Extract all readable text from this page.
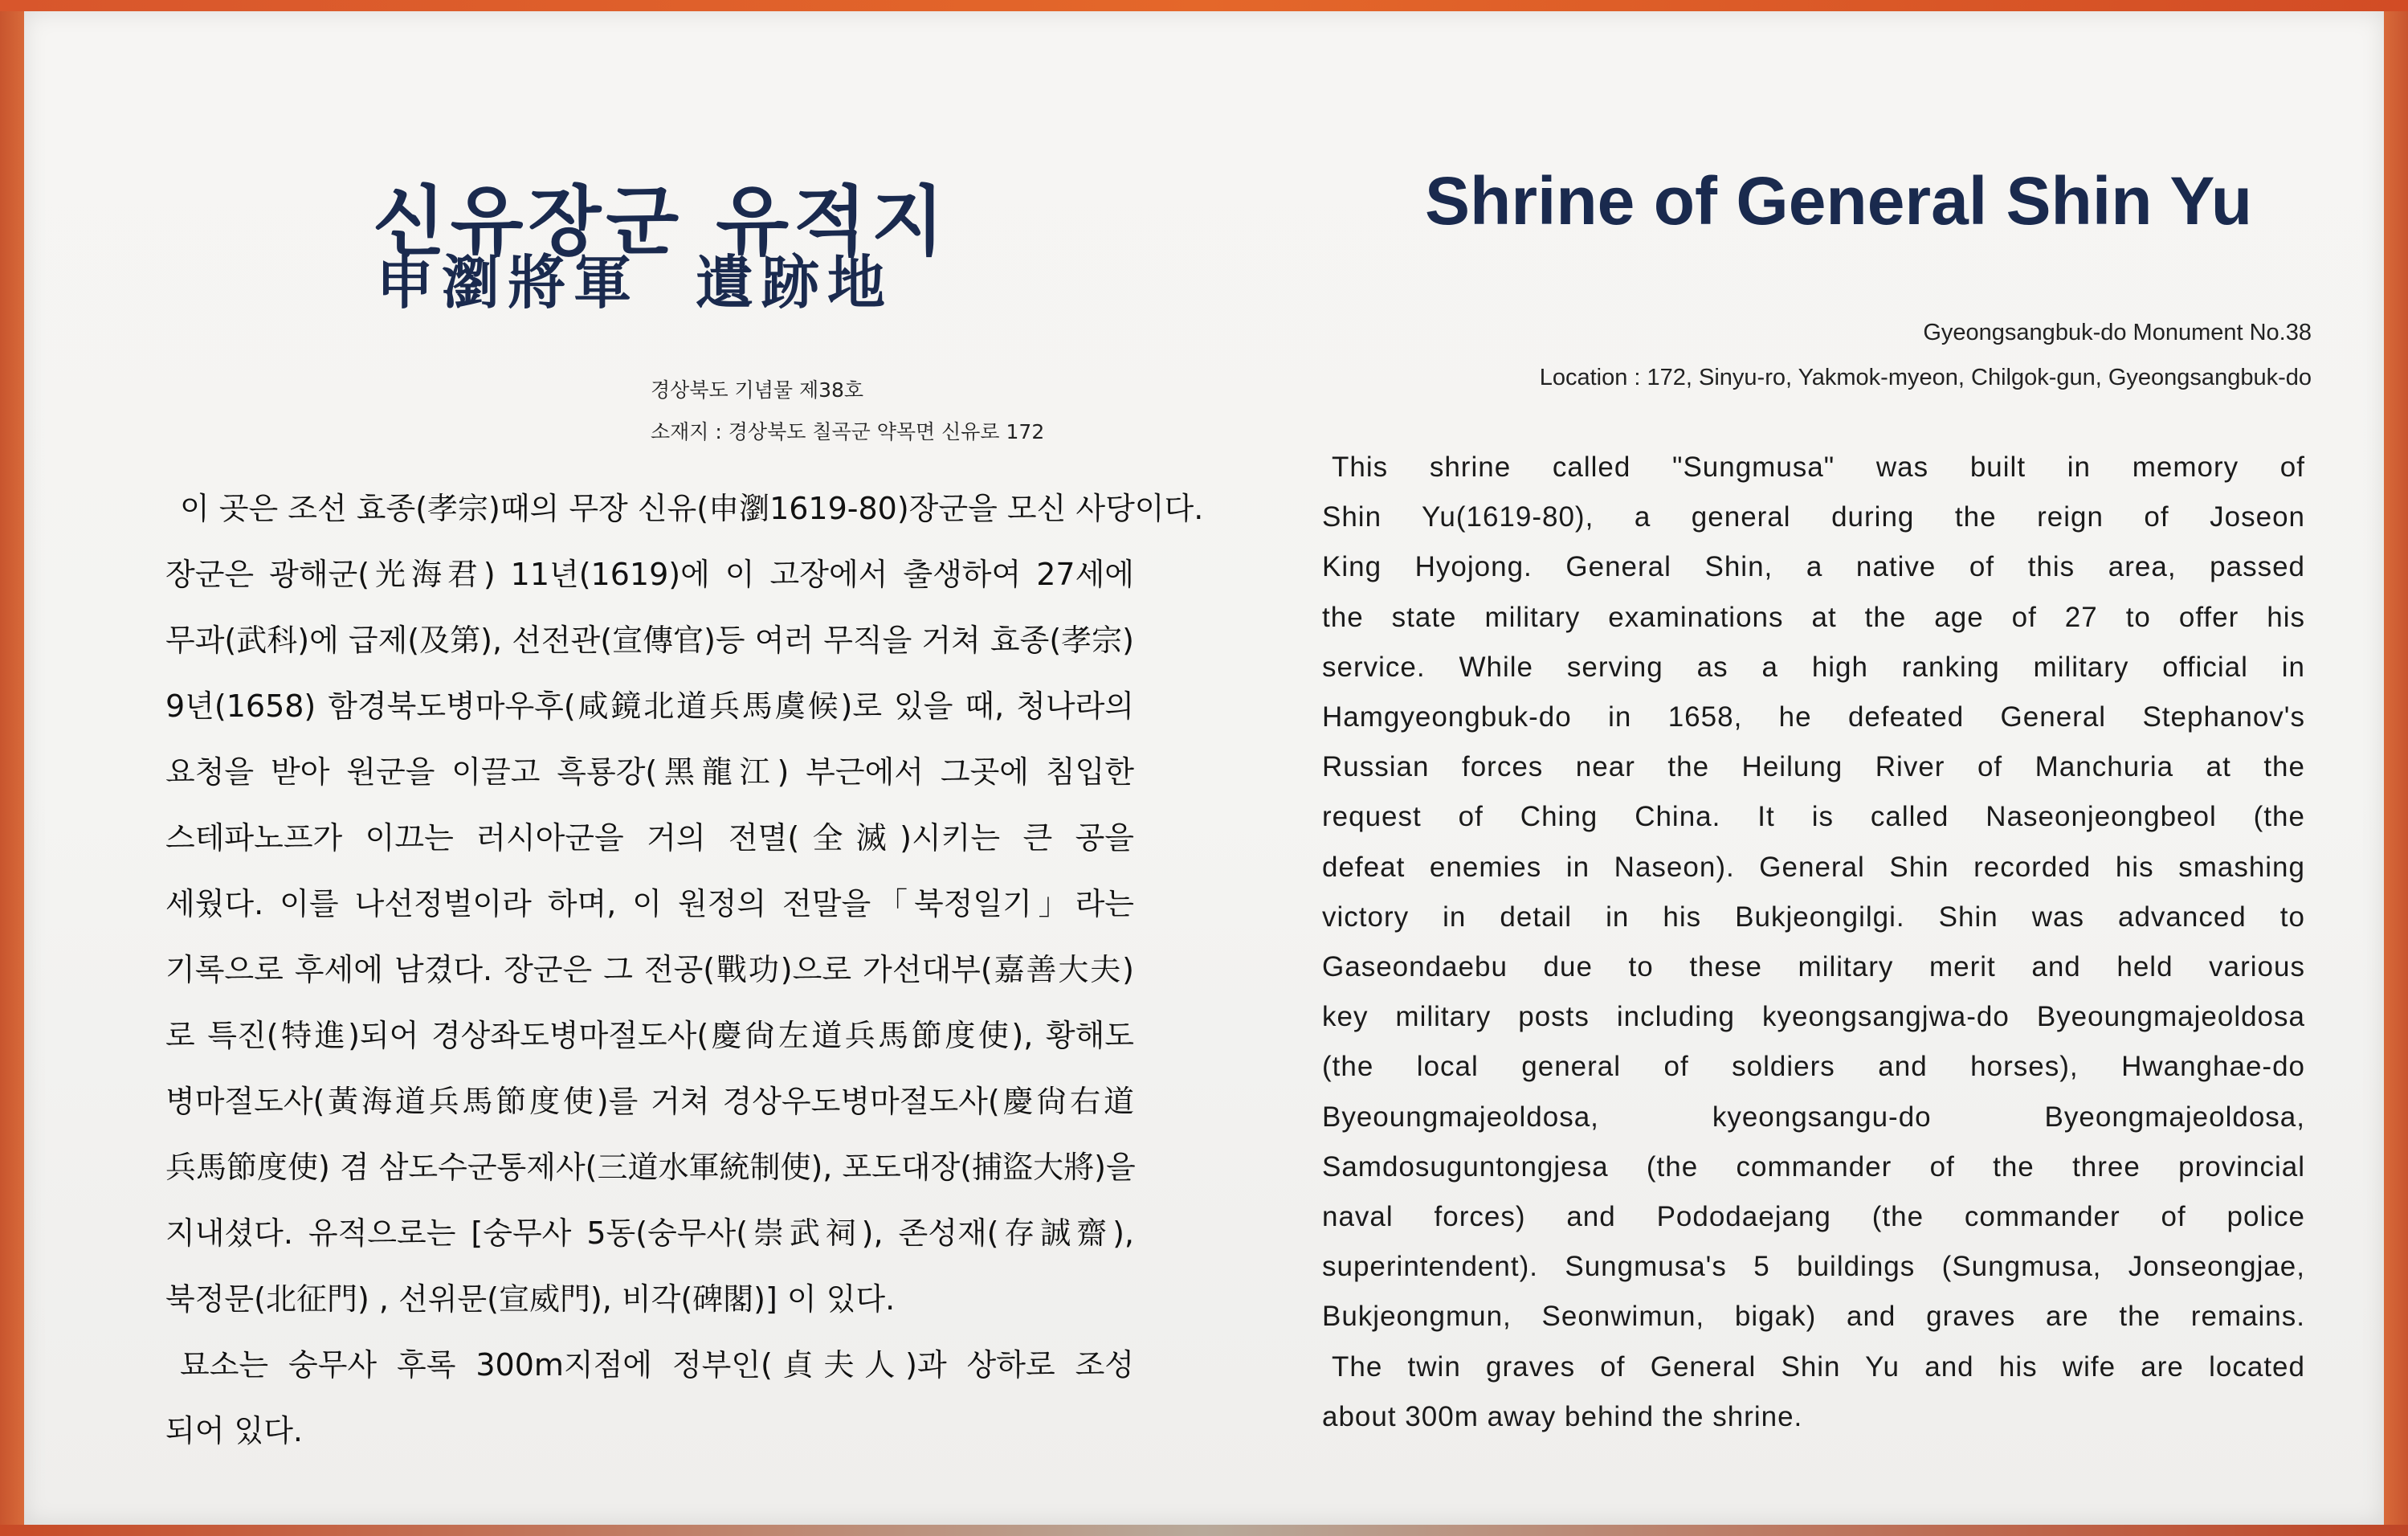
신유장군 유적지
申瀏將軍 遺跡地
경상북도 기념물 제38호
소재지 : 경상북도 칠곡군 약목면 신유로 172
이 곳은 조선 효종(孝宗)때의 무장 신유(申瀏1619-80)장군을 모신 사당이다.
장군은 광해군(光海君) 11년(1619)에 이 고장에서 출생하여 27세에
무과(武科)에 급제(及第), 선전관(宣傳官)등 여러 무직을 거쳐 효종(孝宗)
9년(1658) 함경북도병마우후(咸鏡北道兵馬虞候)로 있을 때, 청나라의
요청을 받아 원군을 이끌고 흑룡강(黑龍江) 부근에서 그곳에 침입한
스테파노프가 이끄는 러시아군을 거의 전멸(全滅)시키는 큰 공을
세웠다. 이를 나선정벌이라 하며, 이 원정의 전말을「북정일기」라는
기록으로 후세에 남겼다. 장군은 그 전공(戰功)으로 가선대부(嘉善大夫)
로 특진(特進)되어 경상좌도병마절도사(慶尙左道兵馬節度使), 황해도
병마절도사(黃海道兵馬節度使)를 거쳐 경상우도병마절도사(慶尙右道
兵馬節度使) 겸 삼도수군통제사(三道水軍統制使), 포도대장(捕盜大將)을
지내셨다. 유적으로는 [숭무사 5동(숭무사(崇武祠), 존성재(存誠齋),
북정문(北征門) , 선위문(宣威門), 비각(碑閣)] 이 있다.
묘소는 숭무사 후록 300m지점에 정부인(貞夫人)과 상하로 조성
되어 있다.
Shrine of General Shin Yu
Gyeongsangbuk-do Monument No.38
Location : 172, Sinyu-ro, Yakmok-myeon, Chilgok-gun, Gyeongsangbuk-do
This shrine called "Sungmusa" was built in memory of
Shin Yu(1619-80), a general during the reign of Joseon
King Hyojong. General Shin, a native of this area, passed
the state military examinations at the age of 27 to offer his
service. While serving as a high ranking military official in
Hamgyeongbuk-do in 1658, he defeated General Stephanov's
Russian forces near the Heilung River of Manchuria at the
request of Ching China. It is called Naseonjeongbeol (the
defeat enemies in Naseon). General Shin recorded his smashing
victory in detail in his Bukjeongilgi. Shin was advanced to
Gaseondaebu due to these military merit and held various
key military posts including kyeongsangjwa-do Byeoungmajeoldosa
(the local general of soldiers and horses), Hwanghae-do
Byeoungmajeoldosa, kyeongsangu-do Byeongmajeoldosa,
Samdosuguntongjesa (the commander of the three provincial
naval forces) and Pododaejang (the commander of police
superintendent). Sungmusa's 5 buildings (Sungmusa, Jonseongjae,
Bukjeongmun, Seonwimun, bigak) and graves are the remains.
The twin graves of General Shin Yu and his wife are located
about 300m away behind the shrine.
